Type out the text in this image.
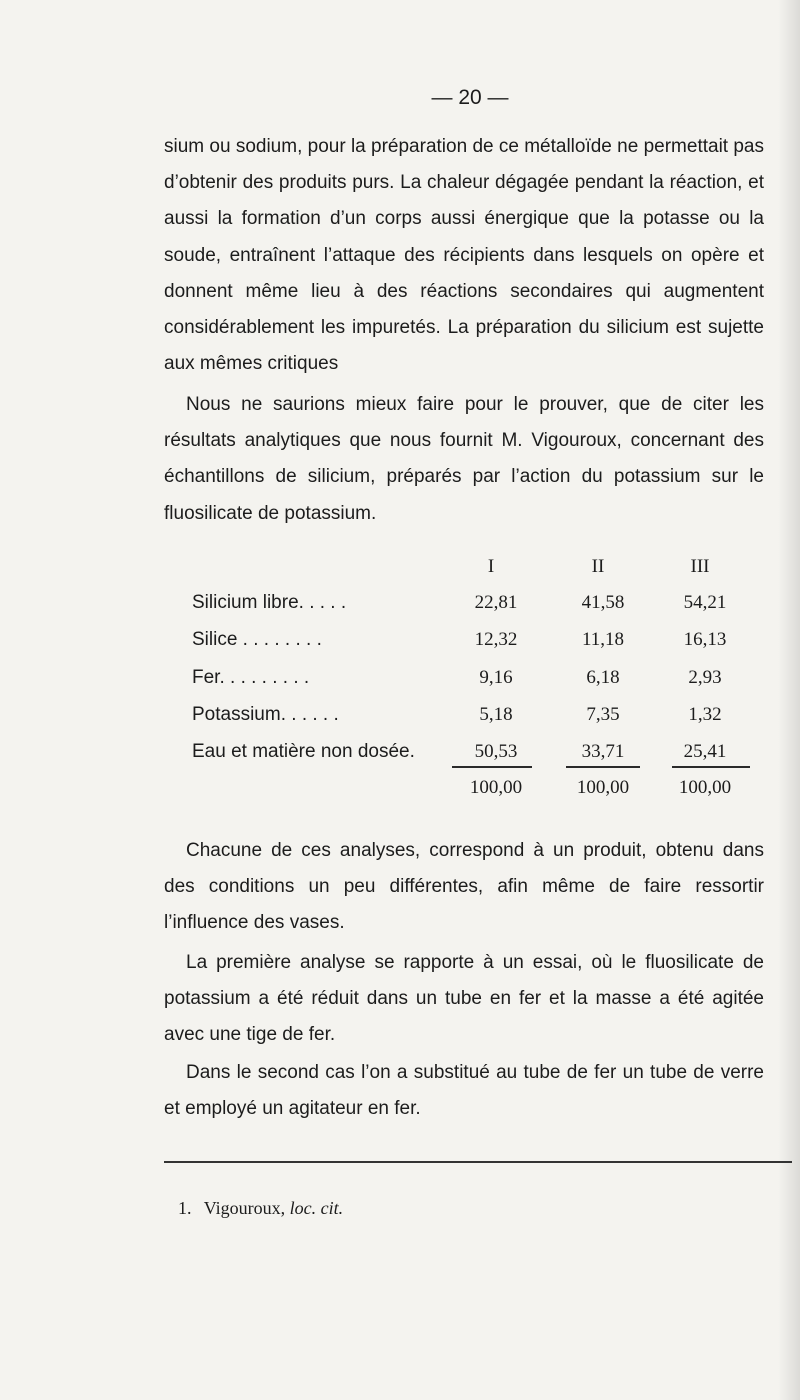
— 20 —

sium ou sodium, pour la préparation de ce métalloïde ne permettait pas d’obtenir des produits purs. La chaleur dégagée pendant la réaction, et aussi la formation d’un corps aussi énergique que la potasse ou la soude, entraînent l’attaque des récipients dans lesquels on opère et donnent même lieu à des réactions secondaires qui augmentent considérablement les impuretés. La préparation du silicium est sujette aux mêmes critiques

Nous ne saurions mieux faire pour le prouver, que de citer les résultats analytiques que nous fournit M. Vigouroux, concernant des échantillons de silicium, préparés par l’action du potassium sur le fluosilicate de potassium.

I	II	III
Silicium libre. . . . .	22,81	41,58	54,21
Silice . . . . . . . .	12,32	11,18	16,13
Fer. . . . . . . . .	9,16	6,18	2,93
Potassium. . . . . .	5,18	7,35	1,32
Eau et matière non dosée.	50,53	33,71	25,41
100,00	100,00	100,00

Chacune de ces analyses, correspond à un produit, obtenu dans des conditions un peu différentes, afin même de faire ressortir l’influence des vases.

La première analyse se rapporte à un essai, où le fluosilicate de potassium a été réduit dans un tube en fer et la masse a été agitée avec une tige de fer.

Dans le second cas l’on a substitué au tube de fer un tube de verre et employé un agitateur en fer.

1. Vigouroux, loc. cit.
